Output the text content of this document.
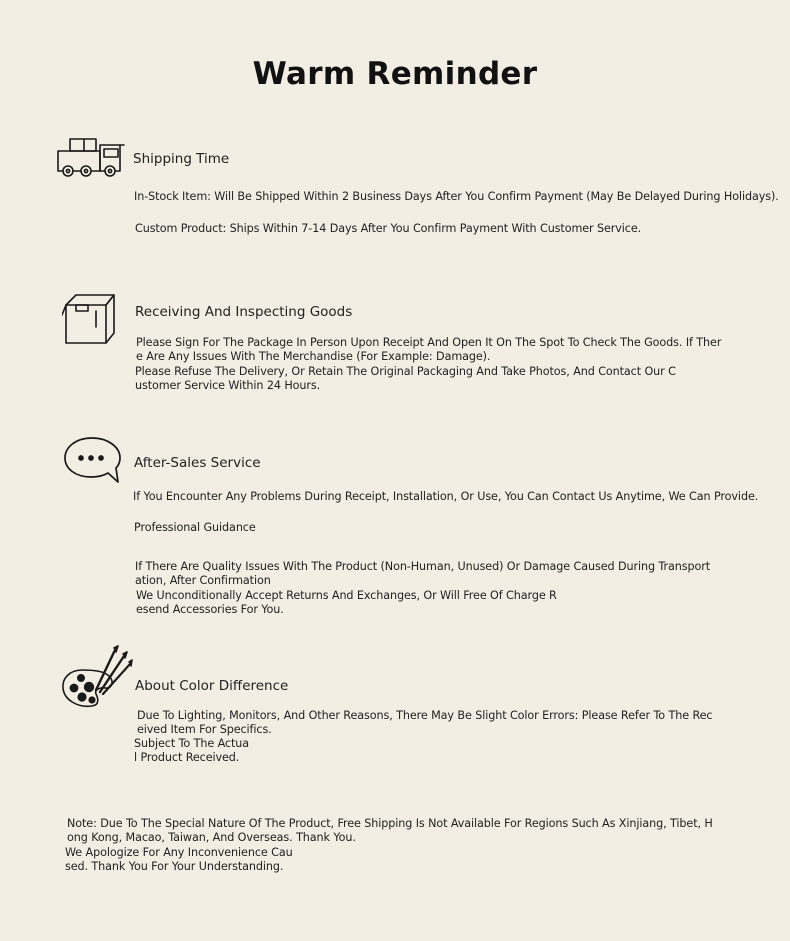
Warm Reminder
Shipping Time
In-Stock Item: Will Be Shipped Within 2 Business Days After You Confirm Payment (May Be Delayed During Holidays).
Custom Product: Ships Within 7-14 Days After You Confirm Payment With Customer Service.
Receiving And Inspecting Goods
Please Sign For The Package In Person Upon Receipt And Open It On The Spot To Check The Goods. If Ther
e Are Any Issues With The Merchandise (For Example: Damage).
Please Refuse The Delivery, Or Retain The Original Packaging And Take Photos, And Contact Our C
ustomer Service Within 24 Hours.
After-Sales Service
If You Encounter Any Problems During Receipt, Installation, Or Use, You Can Contact Us Anytime, We Can Provide.
Professional Guidance
If There Are Quality Issues With The Product (Non-Human, Unused) Or Damage Caused During Transport
ation, After Confirmation
We Unconditionally Accept Returns And Exchanges, Or Will Free Of Charge R
esend Accessories For You.
About Color Difference
Due To Lighting, Monitors, And Other Reasons, There May Be Slight Color Errors: Please Refer To The Rec
eived Item For Specifics.
Subject To The Actua
l Product Received.
Note: Due To The Special Nature Of The Product, Free Shipping Is Not Available For Regions Such As Xinjiang, Tibet, H
ong Kong, Macao, Taiwan, And Overseas. Thank You.
We Apologize For Any Inconvenience Cau
sed. Thank You For Your Understanding.
